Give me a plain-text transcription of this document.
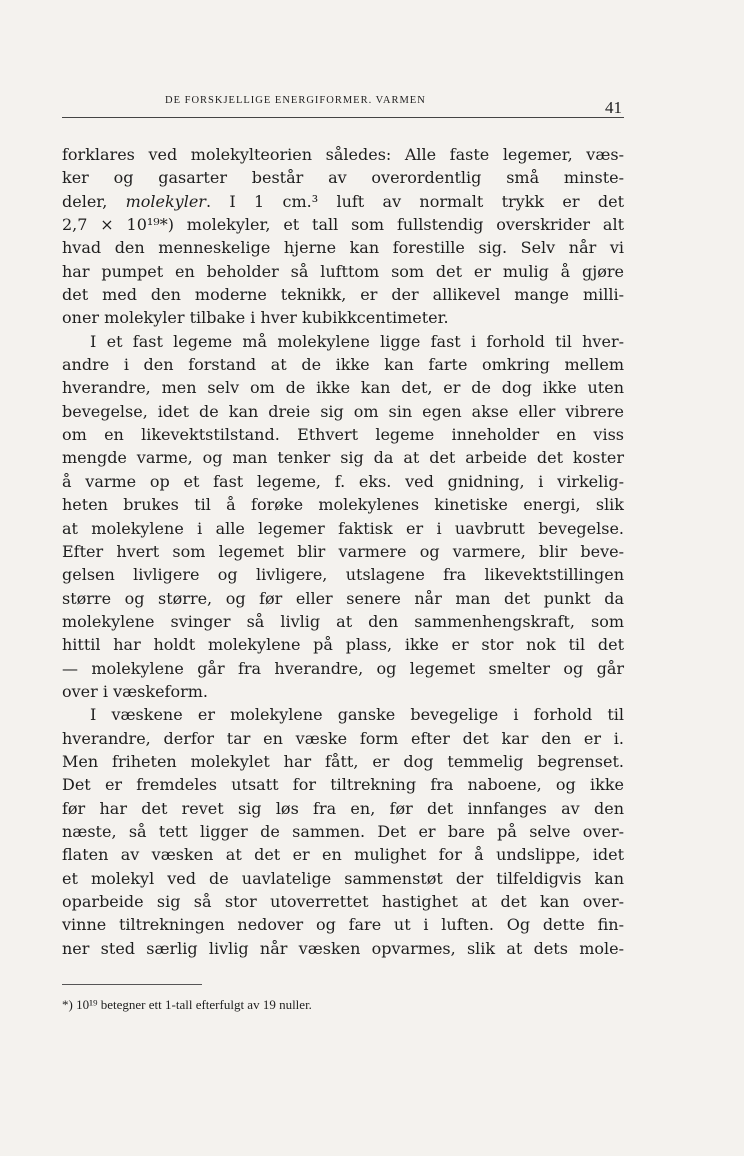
DE FORSKJELLIGE ENERGIFORMER. VARMEN	41
forklares ved molekylteorien således: Alle faste legemer, væs-
ker og gasarter består av overordentlig små minste-
deler, molekyler. I 1 cm.³ luft av normalt trykk er det
2,7 × 10¹⁹*) molekyler, et tall som fullstendig overskrider alt
hvad den menneskelige hjerne kan forestille sig. Selv når vi
har pumpet en beholder så lufttom som det er mulig å gjøre
det med den moderne teknikk, er der allikevel mange milli-
oner molekyler tilbake i hver kubikkcentimeter.
I et fast legeme må molekylene ligge fast i forhold til hver-
andre i den forstand at de ikke kan farte omkring mellem
hverandre, men selv om de ikke kan det, er de dog ikke uten
bevegelse, idet de kan dreie sig om sin egen akse eller vibrere
om en likevektstilstand. Ethvert legeme inneholder en viss
mengde varme, og man tenker sig da at det arbeide det koster
å varme op et fast legeme, f. eks. ved gnidning, i virkelig-
heten brukes til å forøke molekylenes kinetiske energi, slik
at molekylene i alle legemer faktisk er i uavbrutt bevegelse.
Efter hvert som legemet blir varmere og varmere, blir beve-
gelsen livligere og livligere, utslagene fra likevektstillingen
større og større, og før eller senere når man det punkt da
molekylene svinger så livlig at den sammenhengskraft, som
hittil har holdt molekylene på plass, ikke er stor nok til det
— molekylene går fra hverandre, og legemet smelter og går
over i væskeform.
I væskene er molekylene ganske bevegelige i forhold til
hverandre, derfor tar en væske form efter det kar den er i.
Men friheten molekylet har fått, er dog temmelig begrenset.
Det er fremdeles utsatt for tiltrekning fra naboene, og ikke
før har det revet sig løs fra en, før det innfanges av den
næste, så tett ligger de sammen. Det er bare på selve over-
flaten av væsken at det er en mulighet for å undslippe, idet
et molekyl ved de uavlatelige sammenstøt der tilfeldigvis kan
oparbeide sig så stor utoverrettet hastighet at det kan over-
vinne tiltrekningen nedover og fare ut i luften. Og dette fin-
ner sted særlig livlig når væsken opvarmes, slik at dets mole-
*) 10¹⁹ betegner ett 1-tall efterfulgt av 19 nuller.
